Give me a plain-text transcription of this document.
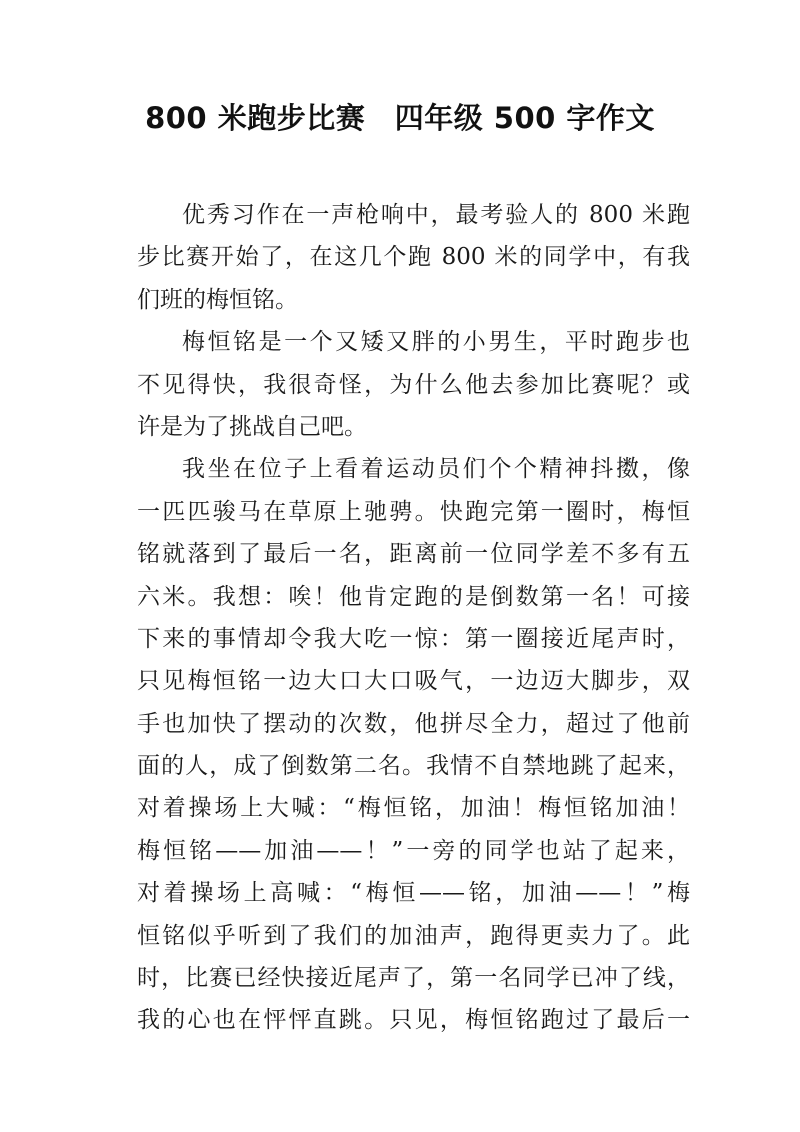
800 米跑步比赛　四年级 500 字作文
优秀习作在一声枪响中，最考验人的 800 米跑
步比赛开始了，在这几个跑 800 米的同学中，有我
们班的梅恒铭。
梅恒铭是一个又矮又胖的小男生，平时跑步也
不见得快，我很奇怪，为什么他去参加比赛呢？或
许是为了挑战自己吧。
我坐在位子上看着运动员们个个精神抖擞，像
一匹匹骏马在草原上驰骋。快跑完第一圈时，梅恒
铭就落到了最后一名，距离前一位同学差不多有五
六米。我想：唉！他肯定跑的是倒数第一名！可接
下来的事情却令我大吃一惊：第一圈接近尾声时，
只见梅恒铭一边大口大口吸气，一边迈大脚步，双
手也加快了摆动的次数，他拼尽全力，超过了他前
面的人，成了倒数第二名。我情不自禁地跳了起来，
对着操场上大喊：“梅恒铭，加油！梅恒铭加油！
梅恒铭——加油——！”一旁的同学也站了起来，
对着操场上高喊：“梅恒——铭，加油——！”梅
恒铭似乎听到了我们的加油声，跑得更卖力了。此
时，比赛已经快接近尾声了，第一名同学已冲了线，
我的心也在怦怦直跳。只见，梅恒铭跑过了最后一
